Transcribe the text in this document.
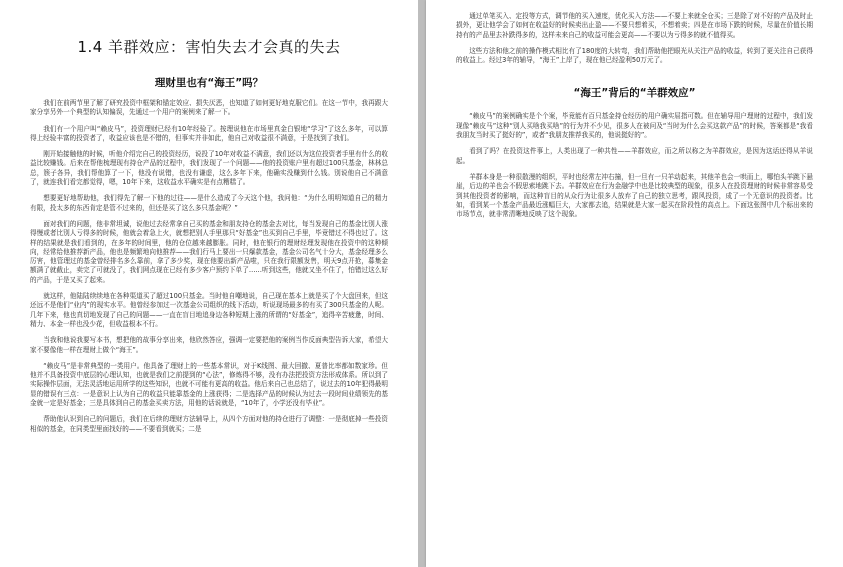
1.4 羊群效应：害怕失去才会真的失去
理财里也有“海王”吗？

我们在前两节里了解了研究投资中框架和锚定效应、损失厌恶，也知道了如何更好地克服它们。在这一节中，我再跟大家分享另外一个典型的认知偏误，先通过一个用户的案例来了解一下。

我们有一个用户叫“赖皮马”，投资理财已经有10年经验了。按理说他在市场里真金白银地“学习”了这么多年，可以算得上经验丰富的投资者了，收益应该也是不错的，但事实并非如此，他自己对收益很不满意，于是找到了我们。

刚开始接触他的时候，听他介绍完自己的投资经历，说投了10年对收益不满意，我们还以为这位投资者手里有什么的收益比较赚钱。后来在帮他梳理现有持仓产品的过程中，我们发现了一个问题——他的投资账户里有超过100只基金，林林总总，簇子各异，我们帮他算了一下，他没有说错，也没有谦虚，这么多年下来，他确实没赚到什么钱。别说他自己不满意了，就连我们看完都觉得，嗯，10年下来，这收益水平确实是有点糟糕了。

想要更好地帮助他，我们得先了解一下他的过往——是什么造成了今天这个他，我问他：“为什么明明知道自己的精力有限，投太多的东西肯定是管不过来的，但还是买了这么多只基金呢？”

面对我们的问题，他非常坦诚，说他过去经常拿自己买的基金和朋友持仓的基金去对比，每当发现自己的基金比别人涨得慢或者比别人亏得多的时候，他就会着急上火，就想把别人手里那只“好基金”也买到自己手里，毕竟错过不得也过了。这样的结果就是我们看到的，在多年的时间里，他的仓位越来越膨胀。同时，他在银行的理财经理发现他在投资中的这种倾向，经常给他推荐新产品，他也是频繁地向他推荐——我们行马上要出一只爆款基金，基金公司名气十分大，基金经理多么厉害，他管理过的基金曾经排名多么靠前，拿了多少奖，现在他要出新产品啦，只在我行限额发售，明天9点开抢，募集金额满了就截止，卖完了可就没了，我们网点现在已经有多少客户预约下单了……听到这些，他就又坐不住了，怕错过这么好的产品，于是又买了起来。

就这样，他陆陆续续地在各种渠道买了超过100只基金。当时他自嘲地说，自己现在基本上就是买了个大盘回来，但这还远不是他们“业内”的现实水平。他曾经参加过一次基金公司组织的线下活动，听说现场最多的有买了300只基金的人呢。几年下来，他也真切地发现了自己的问题——一直在盲目地追身边各种短期上涨的所谓的“好基金”，追得辛苦疲惫，时间、精力、本金一样也没少花，但收益根本不行。

当我和他说我要写本书，想把他的故事分享出来，他欣然答应，强调一定要把他的案例当作反面典型告诉大家，希望大家不要像他一样在理财上做个“海王”。

“赖皮马”是非常典型的一类用户。他具备了理财上的一些基本常识，对于K线图、最大回撤、夏普比率都如数家珍。但他并不具备投资中底层的心理认知，也就是我们之前提到的“心法”，修炼得不够，没有办法把投资方法形成体系。所以到了实际操作层面，无法灵活地运用所学的这些知识，也就不可能有更高的收益。他后来自己也总结了，说过去的10年犯得最明显的错误有三点：一是意识上认为自己的收益只能靠基金的上涨获得；二是选择产品的时候认为过去一段时间业绩领先的基金就一定是好基金；三是具体到自己的基金买卖方法，用他的话说就是，“10年了，小学还没有毕业”。

帮助他认识到自己的问题后，我们在后续的理财方法辅导上，从四个方面对他的持仓进行了调整：一是彻底掉一些投资相似的基金，在同类型里面找好的——不要看到就买；二是

通过单笔买入、定投等方式，调节他的买入速度，优化买入方法——不要上来就全仓买；三是除了对不好的产品及时止损外，更让他学会了如何在收益好的时候卖出止盈——不要只想着买，不想着卖；四是在市场下跌的时候，尽量在价值长期持有的产品里去补跌得多的，这样未来自己的收益可能会更高——不要以为亏得多的就不值得买。

这些方法和他之前的操作模式相比有了180度的大转弯，我们帮助他把眼光从关注产品的收益，转到了更关注自己获得的收益上。经过3年的辅导，“海王”上岸了，现在他已经盈利50万元了。

“海王”背后的“羊群效应”

“赖皮马”的案例确实是个个案，毕竟能有百只基金持仓经历的用户确实屈指可数。但在辅导用户理财的过程中，我们发现像“赖皮马”这种“别人买啥我买啥”的行为并不少见，很多人在被问及“当时为什么会买这款产品”的时候，答案都是“我看我朋友当时买了挺好的”，或者“我朋友推荐我买的，他说挺好的”。

看到了吗？在投资这件事上，人类出现了一种共性——羊群效应，而之所以称之为羊群效应，是因为这话还得从羊说起。

羊群本身是一种很散漫的组织，平时也经常左冲右撞，但一旦有一只羊动起来，其他羊也会一哄而上，哪怕头羊跳下悬崖，后边的羊也会不假思索地跳下去。羊群效应在行为金融学中也是比较典型的现象，很多人在投资理财的时候非常容易受到其他投资者的影响，而这种盲目的从众行为让很多人放弃了自己的独立思考，跟风投资，成了一个无意识的投资者。比如，看到某一个基金产品最近涨幅巨大，大家都去追，结果就是大家一起买在阶段性的高点上。下面这张图中几个标出来的市场节点，就非常清晰地反映了这个现象。
